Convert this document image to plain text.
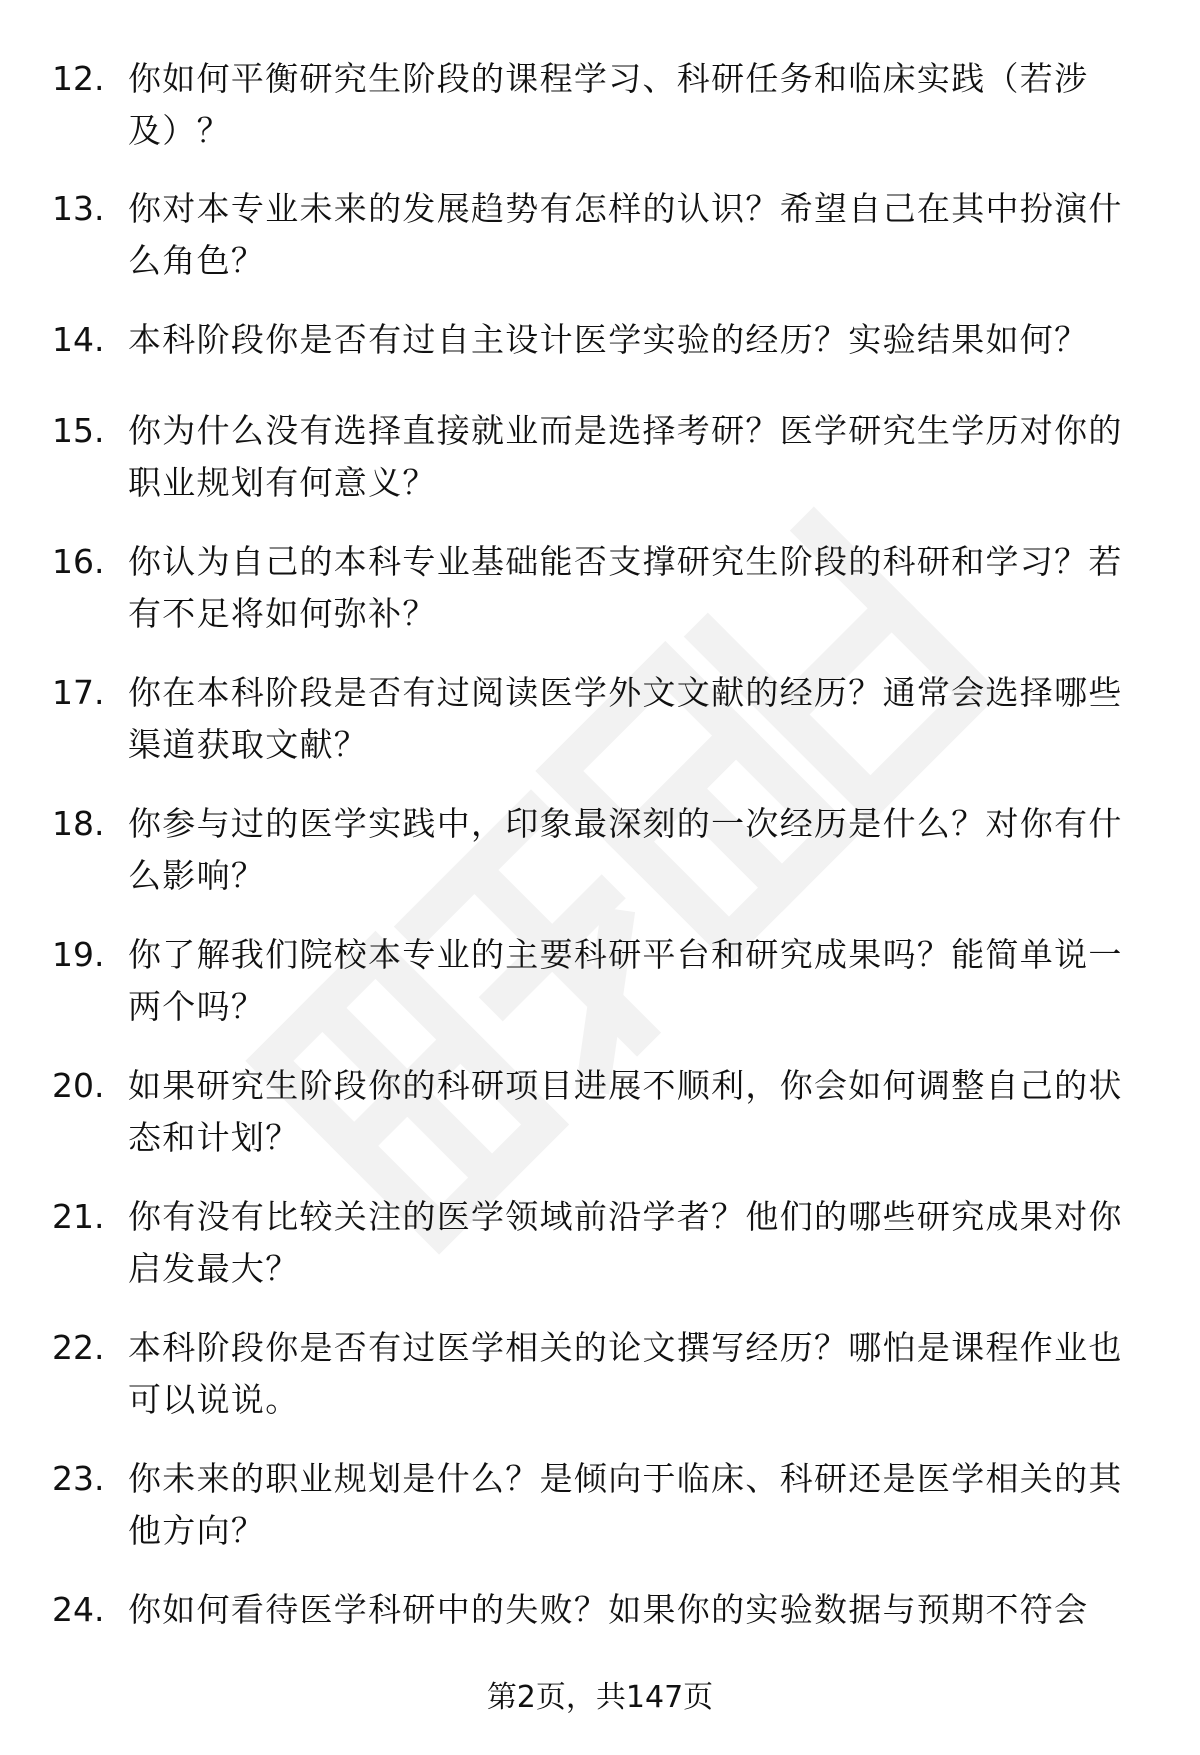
12. 你如何平衡研究生阶段的课程学习、科研任务和临床实践（若涉及）？
13. 你对本专业未来的发展趋势有怎样的认识？希望自己在其中扮演什么角色？
14. 本科阶段你是否有过自主设计医学实验的经历？实验结果如何？
15. 你为什么没有选择直接就业而是选择考研？医学研究生学历对你的职业规划有何意义？
16. 你认为自己的本科专业基础能否支撑研究生阶段的科研和学习？若有不足将如何弥补？
17. 你在本科阶段是否有过阅读医学外文文献的经历？通常会选择哪些渠道获取文献？
18. 你参与过的医学实践中，印象最深刻的一次经历是什么？对你有什么影响？
19. 你了解我们院校本专业的主要科研平台和研究成果吗？能简单说一两个吗？
20. 如果研究生阶段你的科研项目进展不顺利，你会如何调整自己的状态和计划？
21. 你有没有比较关注的医学领域前沿学者？他们的哪些研究成果对你启发最大？
22. 本科阶段你是否有过医学相关的论文撰写经历？哪怕是课程作业也可以说说。
23. 你未来的职业规划是什么？是倾向于临床、科研还是医学相关的其他方向？
24. 你如何看待医学科研中的失败？如果你的实验数据与预期不符会
第2页，共147页
